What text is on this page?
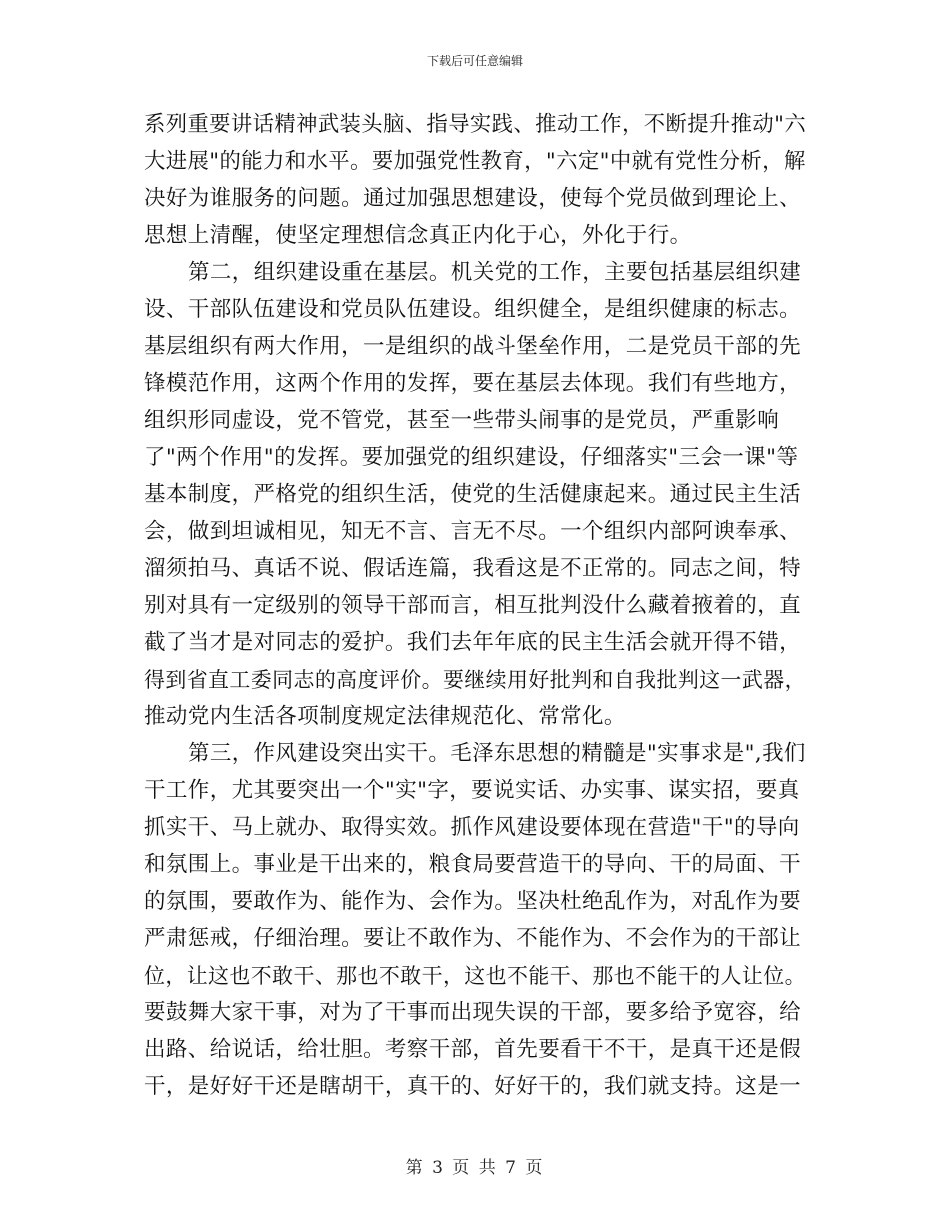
下载后可任意编辑
系列重要讲话精神武装头脑、指导实践、推动工作，不断提升推动"六
大进展"的能力和水平。要加强党性教育，"六定"中就有党性分析，解
决好为谁服务的问题。通过加强思想建设，使每个党员做到理论上、
思想上清醒，使坚定理想信念真正内化于心，外化于行。
第二，组织建设重在基层。机关党的工作，主要包括基层组织建
设、干部队伍建设和党员队伍建设。组织健全，是组织健康的标志。
基层组织有两大作用，一是组织的战斗堡垒作用，二是党员干部的先
锋模范作用，这两个作用的发挥，要在基层去体现。我们有些地方，
组织形同虚设，党不管党，甚至一些带头闹事的是党员，严重影响
了"两个作用"的发挥。要加强党的组织建设，仔细落实"三会一课"等
基本制度，严格党的组织生活，使党的生活健康起来。通过民主生活
会，做到坦诚相见，知无不言、言无不尽。一个组织内部阿谀奉承、
溜须拍马、真话不说、假话连篇，我看这是不正常的。同志之间，特
别对具有一定级别的领导干部而言，相互批判没什么藏着掖着的，直
截了当才是对同志的爱护。我们去年年底的民主生活会就开得不错，
得到省直工委同志的高度评价。要继续用好批判和自我批判这一武器，
推动党内生活各项制度规定法律规范化、常常化。
第三，作风建设突出实干。毛泽东思想的精髓是"实事求是",我们
干工作，尤其要突出一个"实"字，要说实话、办实事、谋实招，要真
抓实干、马上就办、取得实效。抓作风建设要体现在营造"干"的导向
和氛围上。事业是干出来的，粮食局要营造干的导向、干的局面、干
的氛围，要敢作为、能作为、会作为。坚决杜绝乱作为，对乱作为要
严肃惩戒，仔细治理。要让不敢作为、不能作为、不会作为的干部让
位，让这也不敢干、那也不敢干，这也不能干、那也不能干的人让位。
要鼓舞大家干事，对为了干事而出现失误的干部，要多给予宽容，给
出路、给说话，给壮胆。考察干部，首先要看干不干，是真干还是假
干，是好好干还是瞎胡干，真干的、好好干的，我们就支持。这是一
第 3 页 共 7 页
